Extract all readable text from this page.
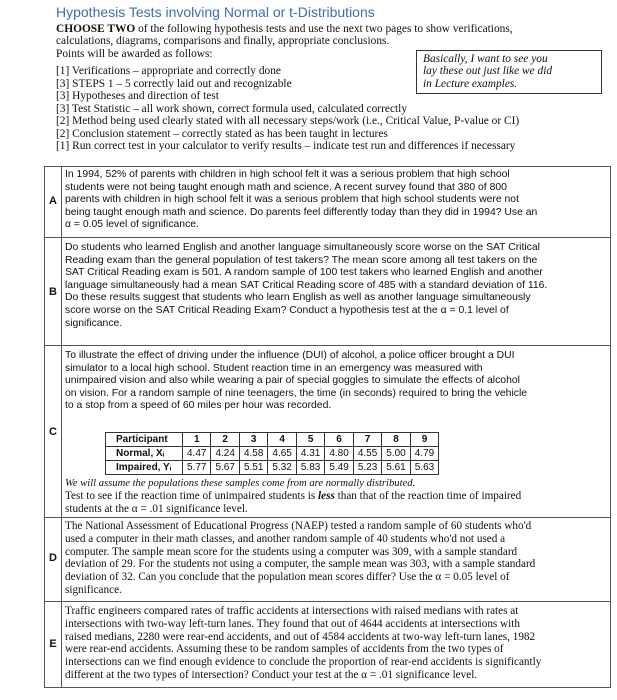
Hypothesis Tests involving Normal or t-Distributions

CHOOSE TWO of the following hypothesis tests and use the next two pages to show verifications,

calculations, diagrams, comparisons and finally, appropriate conclusions.

Points will be awarded as follows:	Basically, I want to see you
lay these out just like we did
in Lecture examples.
[1] Verifications – appropriate and correctly done
[3] STEPS 1 – 5 correctly laid out and recognizable
[3] Hypotheses and direction of test
[3] Test Statistic – all work shown, correct formula used, calculated correctly
[2] Method being used clearly stated with all necessary steps/work (i.e., Critical Value, P-value or CI)
[2] Conclusion statement – correctly stated as has been taught in lectures
[1] Run correct test in your calculator to verify results – indicate test run and differences if necessary
A
In 1994, 52% of parents with children in high school felt it was a serious problem that high school
students were not being taught enough math and science. A recent survey found that 380 of 800
parents with children in high school felt it was a serious problem that high school students were not
being taught enough math and science. Do parents feel differently today than they did in 1994? Use an
α = 0.05 level of significance.
B
Do students who learned English and another language simultaneously score worse on the SAT Critical
Reading exam than the general population of test takers? The mean score among all test takers on the
SAT Critical Reading exam is 501. A random sample of 100 test takers who learned English and another
language simultaneously had a mean SAT Critical Reading score of 485 with a standard deviation of 116.
Do these results suggest that students who learn English as well as another language simultaneously
score worse on the SAT Critical Reading Exam? Conduct a hypothesis test at the α = 0.1 level of
significance.
C
To illustrate the effect of driving under the influence (DUI) of alcohol, a police officer brought a DUI
simulator to a local high school. Student reaction time in an emergency was measured with
unimpaired vision and also while wearing a pair of special goggles to simulate the effects of alcohol
on vision. For a random sample of nine teenagers, the time (in seconds) required to bring the vehicle
to a stop from a speed of 60 miles per hour was recorded.
Participant	1	2	3	4	5	6	7	8	9
Normal, Xᵢ	4.47	4.24	4.58	4.65	4.31	4.80	4.55	5.00	4.79
Impaired, Yᵢ	5.77	5.67	5.51	5.32	5.83	5.49	5.23	5.61	5.63
We will assume the populations these samples come from are normally distributed.
Test to see if the reaction time of unimpaired students is less than that of the reaction time of impaired
students at the α = .01 significance level.
D
The National Assessment of Educational Progress (NAEP) tested a random sample of 60 students who'd
used a computer in their math classes, and another random sample of 40 students who'd not used a
computer. The sample mean score for the students using a computer was 309, with a sample standard
deviation of 29. For the students not using a computer, the sample mean was 303, with a sample standard
deviation of 32. Can you conclude that the population mean scores differ? Use the α = 0.05 level of
significance.
E
Traffic engineers compared rates of traffic accidents at intersections with raised medians with rates at
intersections with two-way left-turn lanes. They found that out of 4644 accidents at intersections with
raised medians, 2280 were rear-end accidents, and out of 4584 accidents at two-way left-turn lanes, 1982
were rear-end accidents. Assuming these to be random samples of accidents from the two types of
intersections can we find enough evidence to conclude the proportion of rear-end accidents is significantly
different at the two types of intersection? Conduct your test at the α = .01 significance level.
